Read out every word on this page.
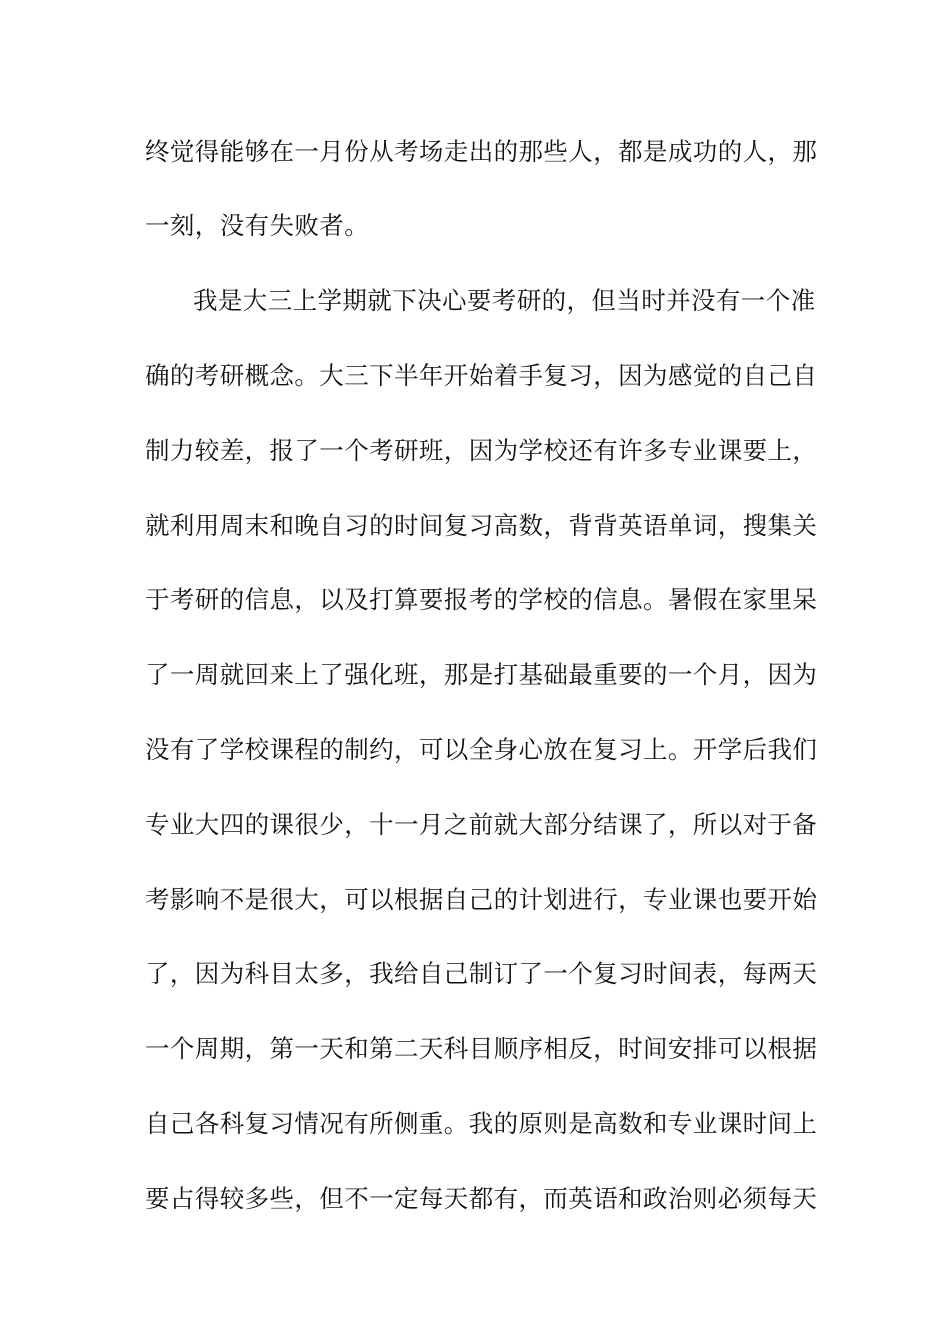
终觉得能够在一月份从考场走出的那些人，都是成功的人，那
一刻，没有失败者。
我是大三上学期就下决心要考研的，但当时并没有一个准
确的考研概念。大三下半年开始着手复习，因为感觉的自己自
制力较差，报了一个考研班，因为学校还有许多专业课要上，
就利用周末和晚自习的时间复习高数，背背英语单词，搜集关
于考研的信息，以及打算要报考的学校的信息。暑假在家里呆
了一周就回来上了强化班，那是打基础最重要的一个月，因为
没有了学校课程的制约，可以全身心放在复习上。开学后我们
专业大四的课很少，十一月之前就大部分结课了，所以对于备
考影响不是很大，可以根据自己的计划进行，专业课也要开始
了，因为科目太多，我给自己制订了一个复习时间表，每两天
一个周期，第一天和第二天科目顺序相反，时间安排可以根据
自己各科复习情况有所侧重。我的原则是高数和专业课时间上
要占得较多些，但不一定每天都有，而英语和政治则必须每天
